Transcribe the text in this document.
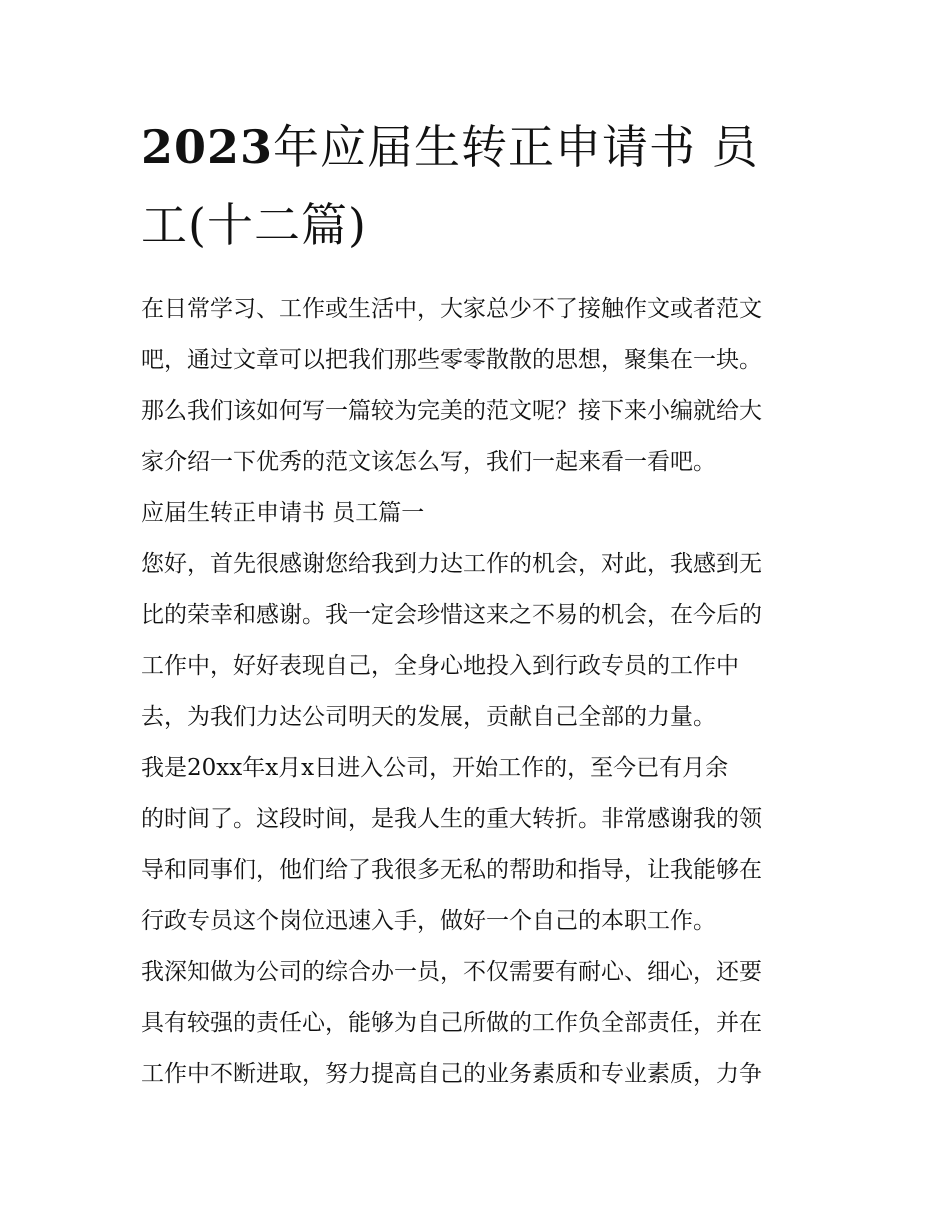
2023年应届生转正申请书 员
工(十二篇)

在日常学习、工作或生活中，大家总少不了接触作文或者范文

吧，通过文章可以把我们那些零零散散的思想，聚集在一块。

那么我们该如何写一篇较为完美的范文呢？接下来小编就给大

家介绍一下优秀的范文该怎么写，我们一起来看一看吧。

应届生转正申请书 员工篇一

您好，首先很感谢您给我到力达工作的机会，对此，我感到无

比的荣幸和感谢。我一定会珍惜这来之不易的机会，在今后的

工作中，好好表现自己，全身心地投入到行政专员的工作中

去，为我们力达公司明天的发展，贡献自己全部的力量。

我是20xx年x月x日进入公司，开始工作的，至今已有月余

的时间了。这段时间，是我人生的重大转折。非常感谢我的领

导和同事们，他们给了我很多无私的帮助和指导，让我能够在

行政专员这个岗位迅速入手，做好一个自己的本职工作。

我深知做为公司的综合办一员，不仅需要有耐心、细心，还要

具有较强的责任心，能够为自己所做的工作负全部责任，并在

工作中不断进取，努力提高自己的业务素质和专业素质，力争
